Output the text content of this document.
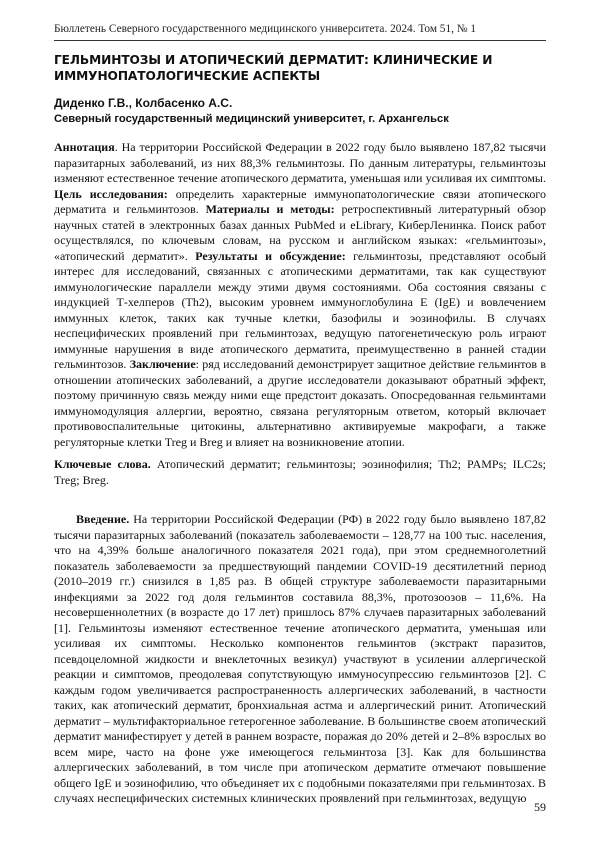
Бюллетень Северного государственного медицинского университета. 2024. Том 51, № 1
ГЕЛЬМИНТОЗЫ И АТОПИЧЕСКИЙ ДЕРМАТИТ: КЛИНИЧЕСКИЕ И ИММУНОПАТОЛОГИЧЕСКИЕ АСПЕКТЫ
Диденко Г.В., Колбасенко А.С.
Северный государственный медицинский университет, г. Архангельск

Аннотация. На территории Российской Федерации в 2022 году было выявлено 187,82 тысячи паразитарных заболеваний, из них 88,3% гельминтозы. По данным литературы, гельминтозы изменяют естественное течение атопического дерматита, уменьшая или усиливая их симптомы. Цель исследования: определить характерные иммунопатологические связи атопического дерматита и гельминтозов. Материалы и методы: ретроспективный литературный обзор научных статей в электронных базах данных PubMed и eLibrary, КиберЛенинка. Поиск работ осуществлялся, по ключевым словам, на русском и английском языках: «гельминтозы», «атопический дерматит». Результаты и обсуждение: гельминтозы, представляют особый интерес для исследований, связанных с атопическими дерматитами, так как существуют иммунологические параллели между этими двумя состояниями. Оба состояния связаны с индукцией Т-хелперов (Th2), высоким уровнем иммуноглобулина Е (IgE) и вовлечением иммунных клеток, таких как тучные клетки, базофилы и эозинофилы. В случаях неспецифических проявлений при гельминтозах, ведущую патогенетическую роль играют иммунные нарушения в виде атопического дерматита, преимущественно в ранней стадии гельминтозов. Заключение: ряд исследований демонстрирует защитное действие гельминтов в отношении атопических заболеваний, а другие исследователи доказывают обратный эффект, поэтому причинную связь между ними еще предстоит доказать. Опосредованная гельминтами иммуномодуляция аллергии, вероятно, связана регуляторным ответом, который включает противовоспалительные цитокины, альтернативно активируемые макрофаги, а также регуляторные клетки Treg и Breg и влияет на возникновение атопии.

Ключевые слова. Атопический дерматит; гельминтозы; эозинофилия; Th2; PAMPs; ILC2s; Treg; Breg.

Введение. На территории Российской Федерации (РФ) в 2022 году было выявлено 187,82 тысячи паразитарных заболеваний (показатель заболеваемости – 128,77 на 100 тыс. населения, что на 4,39% больше аналогичного показателя 2021 года), при этом среднемноголетний показатель заболеваемости за предшествующий пандемии COVID-19 десятилетний период (2010–2019 гг.) снизился в 1,85 раз. В общей структуре заболеваемости паразитарными инфекциями за 2022 год доля гельминтов составила 88,3%, протозоозов – 11,6%. На несовершеннолетних (в возрасте до 17 лет) пришлось 87% случаев паразитарных заболеваний [1]. Гельминтозы изменяют естественное течение атопического дерматита, уменьшая или усиливая их симптомы. Несколько компонентов гельминтов (экстракт паразитов, псевдоцеломной жидкости и внеклеточных везикул) участвуют в усилении аллергической реакции и симптомов, преодолевая сопутствующую иммуносупрессию гельминтозов [2]. С каждым годом увеличивается распространенность аллергических заболеваний, в частности таких, как атопический дерматит, бронхиальная астма и аллергический ринит. Атопический дерматит – мультифакториальное гетерогенное заболевание. В большинстве своем атопический дерматит манифестирует у детей в раннем возрасте, поражая до 20% детей и 2–8% взрослых во всем мире, часто на фоне уже имеющегося гельминтоза [3]. Как для большинства аллергических заболеваний, в том числе при атопическом дерматите отмечают повышение общего IgE и эозинофилию, что объединяет их с подобными показателями при гельминтозах. В случаях неспецифических системных клинических проявлений при гельминтозах, ведущую

59
